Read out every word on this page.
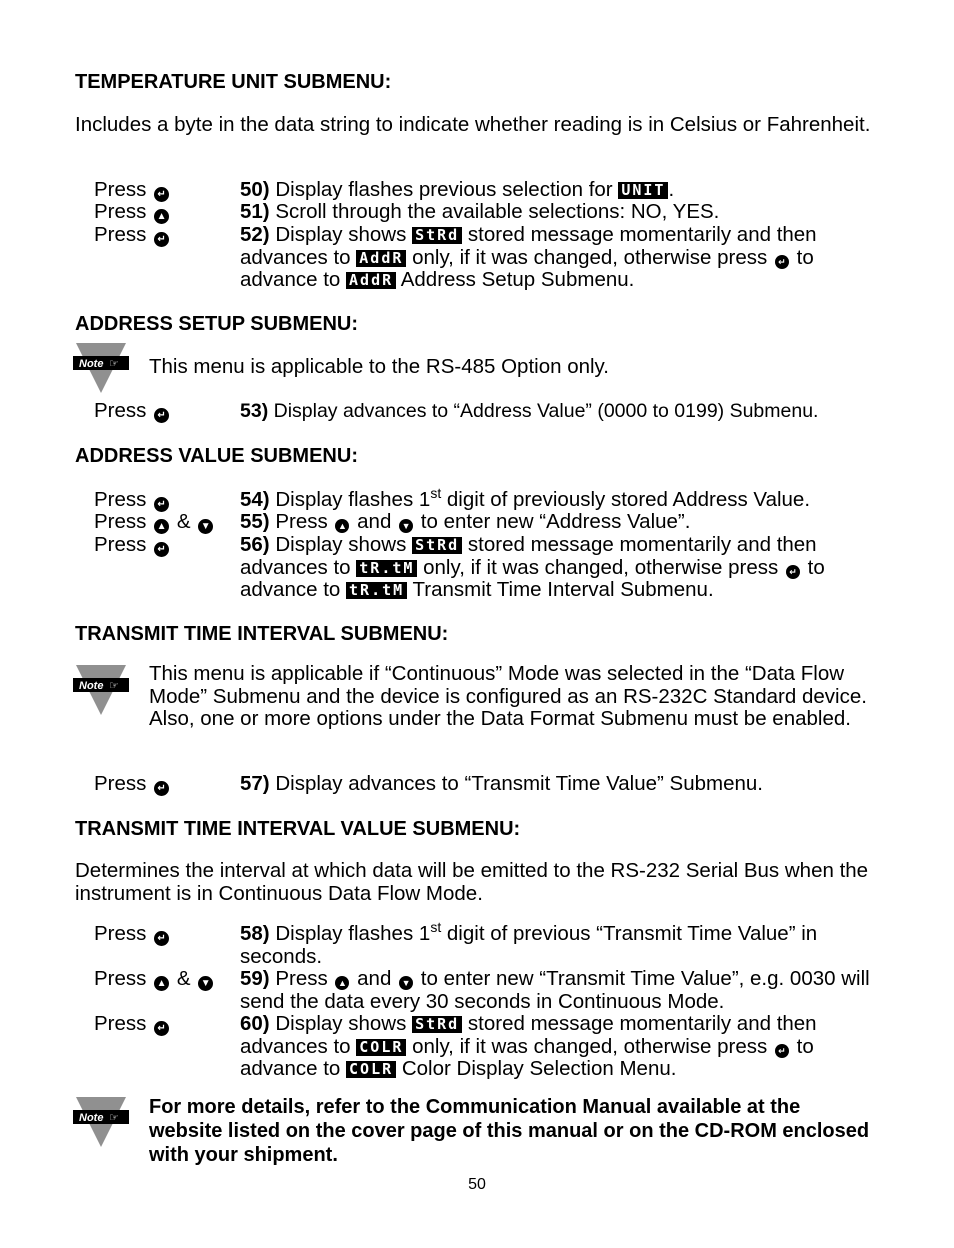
TEMPERATURE UNIT SUBMENU:
Includes a byte in the data string to indicate whether reading is in Celsius or Fahrenheit.
Press ↵	50) Display flashes previous selection for UNIT .
Press ▲	51) Scroll through the available selections: NO, YES.
Press ↵	52) Display shows StRd stored message momentarily and then advances to AddR only, if it was changed, otherwise press ↵ to advance to AddR Address Setup Submenu.
ADDRESS SETUP SUBMENU:
Note ☞ This menu is applicable to the RS-485 Option only.
Press ↵	53) Display advances to “Address Value” (0000 to 0199) Submenu.
ADDRESS VALUE SUBMENU:
Press ↵	54) Display flashes 1st digit of previously stored Address Value.
Press ▲ & ▼ 55) Press ▲ and ▼ to enter new “Address Value”.
Press ↵	56) Display shows StRd stored message momentarily and then advances to tR.tM only, if it was changed, otherwise press ↵ to advance to tR.tM Transmit Time Interval Submenu.
TRANSMIT TIME INTERVAL SUBMENU:
Note ☞
This menu is applicable if “Continuous” Mode was selected in the “Data Flow Mode” Submenu and the device is configured as an RS-232C Standard device. Also, one or more options under the Data Format Submenu must be enabled.
Press ↵	57) Display advances to “Transmit Time Value” Submenu.
TRANSMIT TIME INTERVAL VALUE SUBMENU:
Determines the interval at which data will be emitted to the RS-232 Serial Bus when the instrument is in Continuous Data Flow Mode.
Press ↵	58) Display flashes 1st digit of previous “Transmit Time Value” in seconds.
Press ▲ & ▼ 59) Press ▲ and ▼ to enter new “Transmit Time Value”, e.g. 0030 will send the data every 30 seconds in Continuous Mode.
Press ↵	60) Display shows StRd stored message momentarily and then advances to COLR only, if it was changed, otherwise press ↵ to advance to COLR Color Display Selection Menu.
Note ☞ For more details, refer to the Communication Manual available at the website listed on the cover page of this manual or on the CD-ROM enclosed with your shipment.
50
